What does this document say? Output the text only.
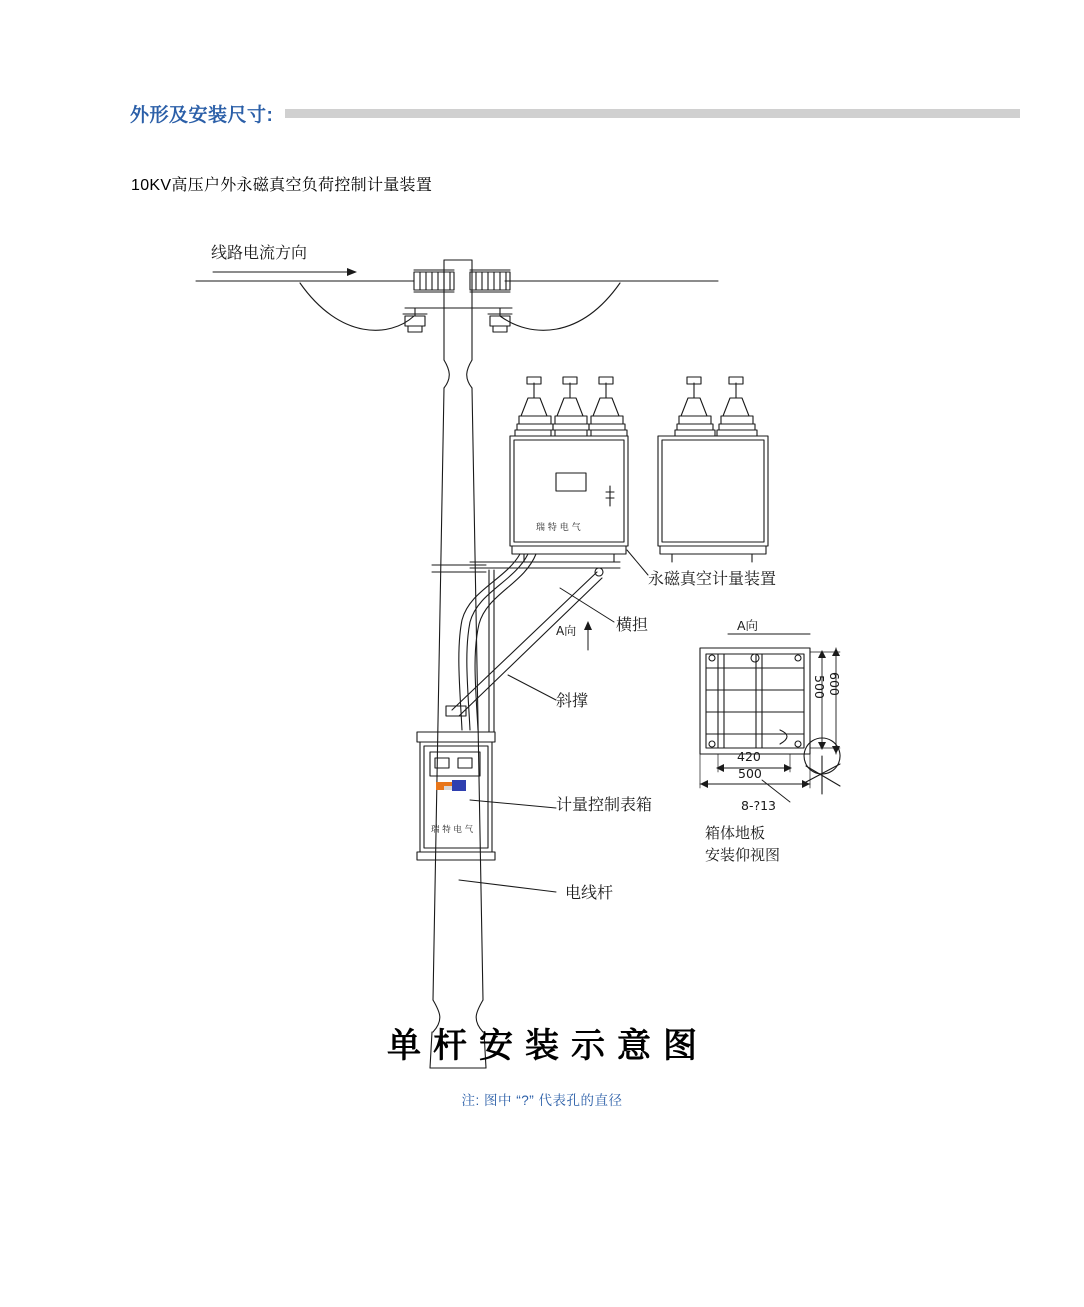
外形及安装尺寸:
10KV高压户外永磁真空负荷控制计量装置
瑞 特 电 气
瑞 特 电 气
线路电流方向
永磁真空计量装置
横担
A向
斜撑
计量控制表箱
电线杆
A向
500 600
420
500
8-?13
箱体地板
安装仰视图
单杆安装示意图
注: 图中 “?” 代表孔的直径
